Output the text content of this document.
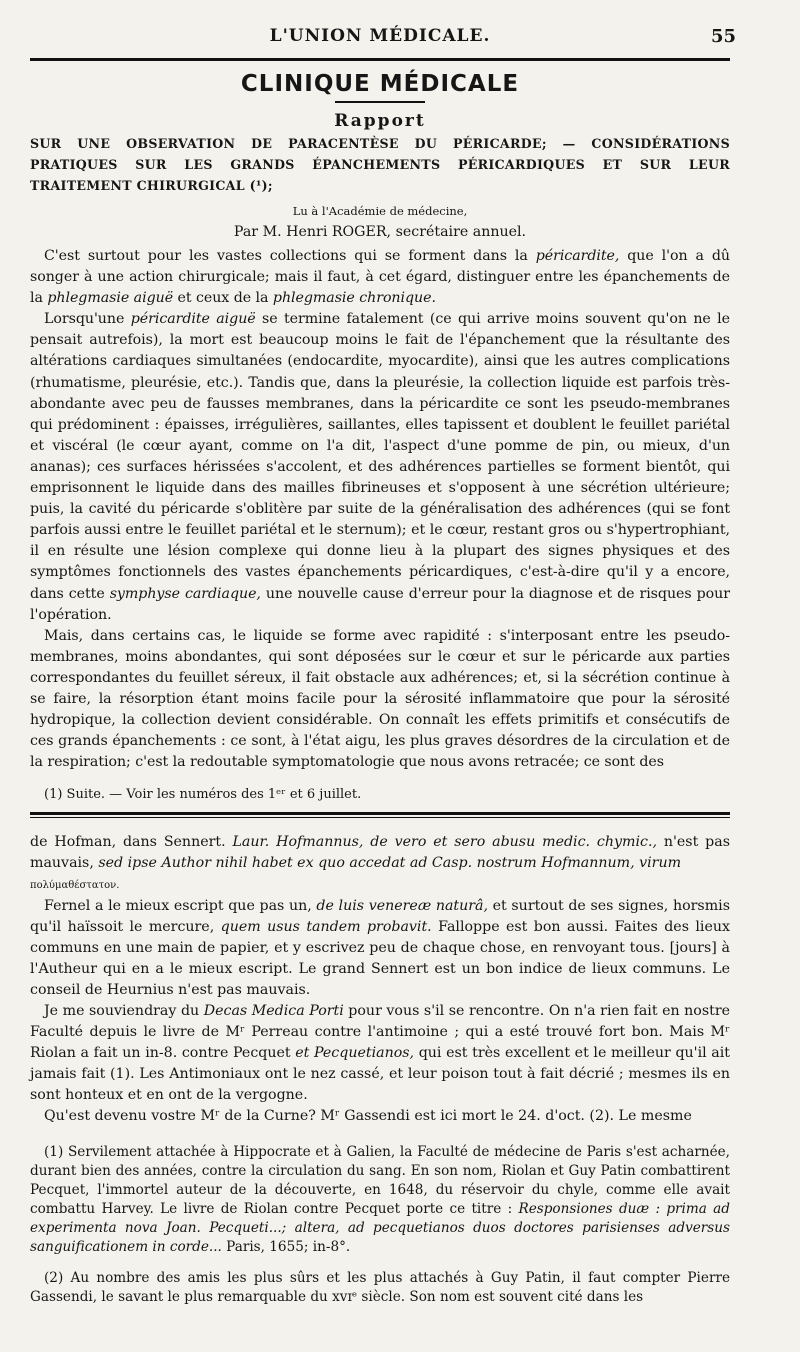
L'UNION MÉDICALE.	55
CLINIQUE MÉDICALE
Rapport

SUR UNE OBSERVATION DE PARACENTÈSE DU PÉRICARDE; — CONSIDÉRATIONS PRATIQUES SUR LES GRANDS ÉPANCHEMENTS PÉRICARDIQUES ET SUR LEUR TRAITEMENT CHIRURGICAL (¹);

Lu à l'Académie de médecine,
Par M. Henri ROGER, secrétaire annuel.

C'est surtout pour les vastes collections qui se forment dans la péricardite, que l'on a dû songer à une action chirurgicale; mais il faut, à cet égard, distinguer entre les épanchements de la phlegmasie aiguë et ceux de la phlegmasie chronique.

Lorsqu'une péricardite aiguë se termine fatalement (ce qui arrive moins souvent qu'on ne le pensait autrefois), la mort est beaucoup moins le fait de l'épanchement que la résultante des altérations cardiaques simultanées (endocardite, myocardite), ainsi que les autres complications (rhumatisme, pleurésie, etc.). Tandis que, dans la pleurésie, la collection liquide est parfois très-abondante avec peu de fausses membranes, dans la péricardite ce sont les pseudo-membranes qui prédominent : épaisses, irrégulières, saillantes, elles tapissent et doublent le feuillet pariétal et viscéral (le cœur ayant, comme on l'a dit, l'aspect d'une pomme de pin, ou mieux, d'un ananas); ces surfaces hérissées s'accolent, et des adhérences partielles se forment bientôt, qui emprisonnent le liquide dans des mailles fibrineuses et s'opposent à une sécrétion ultérieure; puis, la cavité du péricarde s'oblitère par suite de la généralisation des adhérences (qui se font parfois aussi entre le feuillet pariétal et le sternum); et le cœur, restant gros ou s'hypertrophiant, il en résulte une lésion complexe qui donne lieu à la plupart des signes physiques et des symptômes fonctionnels des vastes épanchements péricardiques, c'est-à-dire qu'il y a encore, dans cette symphyse cardiaque, une nouvelle cause d'erreur pour la diagnose et de risques pour l'opération.

Mais, dans certains cas, le liquide se forme avec rapidité : s'interposant entre les pseudo-membranes, moins abondantes, qui sont déposées sur le cœur et sur le péricarde aux parties correspondantes du feuillet séreux, il fait obstacle aux adhérences; et, si la sécrétion continue à se faire, la résorption étant moins facile pour la sérosité inflammatoire que pour la sérosité hydropique, la collection devient considérable. On connaît les effets primitifs et consécutifs de ces grands épanchements : ce sont, à l'état aigu, les plus graves désordres de la circulation et de la respiration; c'est la redoutable symptomatologie que nous avons retracée; ce sont des

(1) Suite. — Voir les numéros des 1ᵉʳ et 6 juillet.

de Hofman, dans Sennert. Laur. Hofmannus, de vero et sero abusu medic. chymic., n'est pas mauvais, sed ipse Author nihil habet ex quo accedat ad Casp. nostrum Hofmannum, virum
πολύμαθέστατον.

Fernel a le mieux escript que pas un, de luis venereæ naturâ, et surtout de ses signes, horsmis qu'il haïssoit le mercure, quem usus tandem probavit. Falloppe est bon aussi. Faites des lieux communs en une main de papier, et y escrivez peu de chaque chose, en renvoyant tous. [jours] à l'Autheur qui en a le mieux escript. Le grand Sennert est un bon indice de lieux communs. Le conseil de Heurnius n'est pas mauvais.

Je me souviendray du Decas Medica Porti pour vous s'il se rencontre. On n'a rien fait en nostre Faculté depuis le livre de Mʳ Perreau contre l'antimoine ; qui a esté trouvé fort bon. Mais Mʳ Riolan a fait un in-8. contre Pecquet et Pecquetianos, qui est très excellent et le meilleur qu'il ait jamais fait (1). Les Antimoniaux ont le nez cassé, et leur poison tout à fait décrié ; mesmes ils en sont honteux et en ont de la vergogne.

Qu'est devenu vostre Mʳ de la Curne? Mʳ Gassendi est ici mort le 24. d'oct. (2). Le mesme

(1) Servilement attachée à Hippocrate et à Galien, la Faculté de médecine de Paris s'est acharnée, durant bien des années, contre la circulation du sang. En son nom, Riolan et Guy Patin combattirent Pecquet, l'immortel auteur de la découverte, en 1648, du réservoir du chyle, comme elle avait combattu Harvey. Le livre de Riolan contre Pecquet porte ce titre : Responsiones duæ : prima ad experimenta nova Joan. Pecqueti...; altera, ad pecquetianos duos doctores parisienses adversus sanguificationem in corde... Paris, 1655; in-8°.

(2) Au nombre des amis les plus sûrs et les plus attachés à Guy Patin, il faut compter Pierre Gassendi, le savant le plus remarquable du xvɪᵉ siècle. Son nom est souvent cité dans les
